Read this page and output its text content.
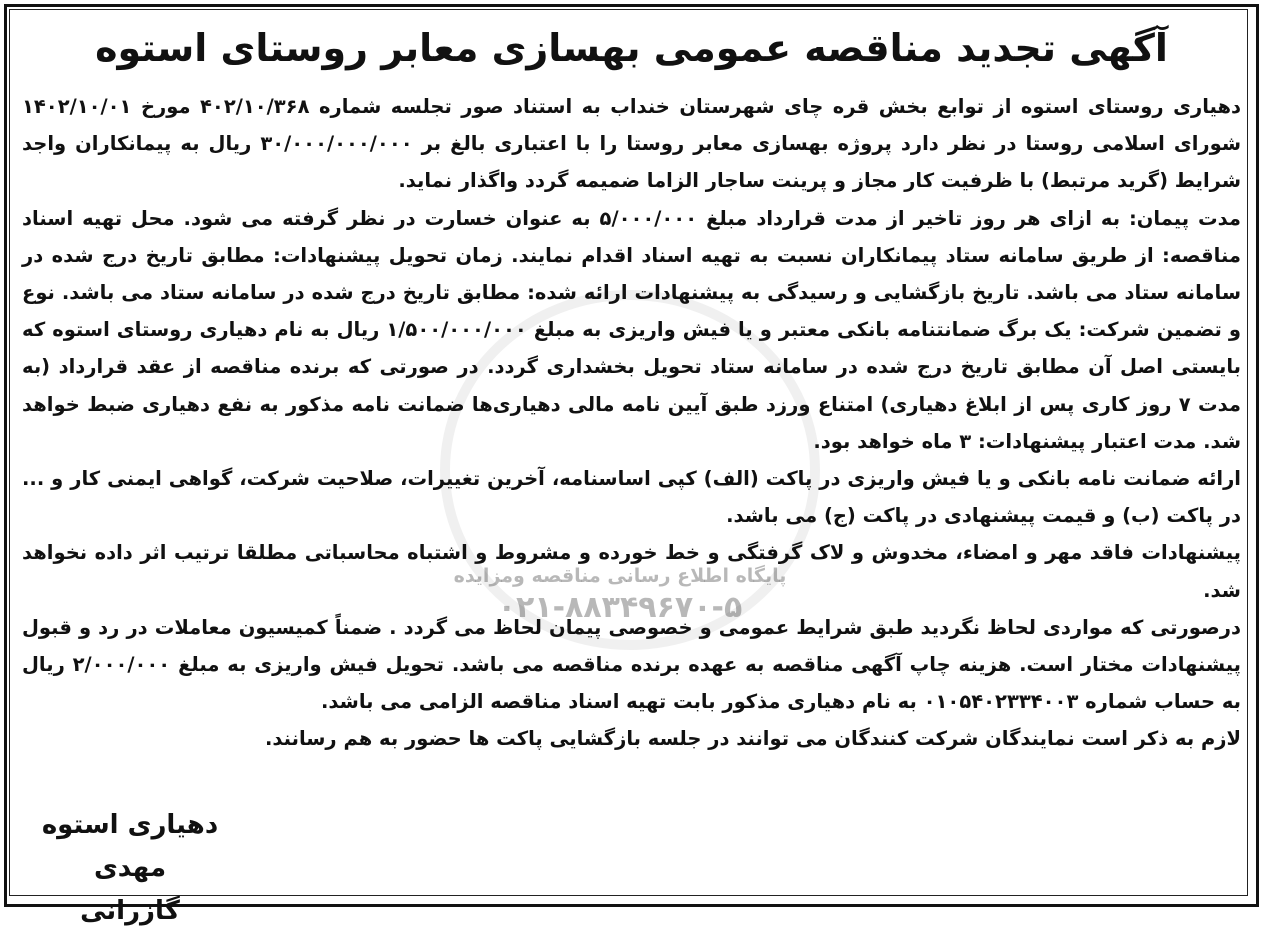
پایگاه اطلاع رسانی مناقصه ومزایده
۰۲۱-۸۸۳۴۹۶۷۰-۵
آگهی تجدید مناقصه عمومی بهسازی معابر روستای استوه

دهیاری روستای استوه از توابع بخش قره چای شهرستان خنداب به استناد صور تجلسه شماره ۴۰۲/۱۰/۳۶۸ مورخ ۱۴۰۲/۱۰/۰۱ شورای اسلامی روستا در نظر دارد پروژه بهسازی معابر روستا را با اعتباری بالغ بر ۳۰/۰۰۰/۰۰۰/۰۰۰ ریال به پیمانکاران واجد شرایط (گرید مرتبط) با ظرفیت کار مجاز و پرینت ساجار الزاما ضمیمه گردد واگذار نماید.

مدت پیمان: به ازای هر روز تاخیر از مدت قرارداد مبلغ ۵/۰۰۰/۰۰۰ به عنوان خسارت در نظر گرفته می شود. محل تهیه اسناد مناقصه: از طریق سامانه ستاد پیمانکاران نسبت به تهیه اسناد اقدام نمایند. زمان تحویل پیشنهادات: مطابق تاریخ درج شده در سامانه ستاد می باشد. تاریخ بازگشایی و رسیدگی به پیشنهادات ارائه شده: مطابق تاریخ درج شده در سامانه ستاد می باشد. نوع و تضمین شرکت: یک برگ ضمانتنامه بانکی معتبر و یا فیش واریزی به مبلغ ۱/۵۰۰/۰۰۰/۰۰۰ ریال به نام دهیاری روستای استوه که بایستی اصل آن مطابق تاریخ درج شده در سامانه ستاد تحویل بخشداری گردد. در صورتی که برنده مناقصه از عقد قرارداد (به مدت ۷ روز کاری پس از ابلاغ دهیاری) امتناع ورزد طبق آیین نامه مالی دهیاری‌ها ضمانت نامه مذکور به نفع دهیاری ضبط خواهد شد. مدت اعتبار پیشنهادات: ۳ ماه خواهد بود.

ارائه ضمانت نامه بانکی و یا فیش واریزی در پاکت (الف) کپی اساسنامه، آخرین تغییرات، صلاحیت شرکت، گواهی ایمنی کار و ... در پاکت (ب) و قیمت پیشنهادی در پاکت (ج) می باشد.

پیشنهادات فاقد مهر و امضاء، مخدوش و لاک گرفتگی و خط خورده و مشروط و اشتباه محاسباتی مطلقا ترتیب اثر داده نخواهد شد.

درصورتی که مواردی لحاظ نگردید طبق شرایط عمومی و خصوصی پیمان لحاظ می گردد . ضمناً کمیسیون معاملات در رد و قبول پیشنهادات مختار است. هزینه چاپ آگهی مناقصه به عهده برنده مناقصه می باشد. تحویل فیش واریزی به مبلغ ۲/۰۰۰/۰۰۰ ریال به حساب شماره ۰۱۰۵۴۰۲۳۳۴۰۰۳ به نام دهیاری مذکور بابت تهیه اسناد مناقصه الزامی می باشد.

لازم به ذکر است نمایندگان شرکت کنندگان می توانند در جلسه بازگشایی پاکت ها حضور به هم رسانند.

دهیاری استوه
مهدی گازرانی
